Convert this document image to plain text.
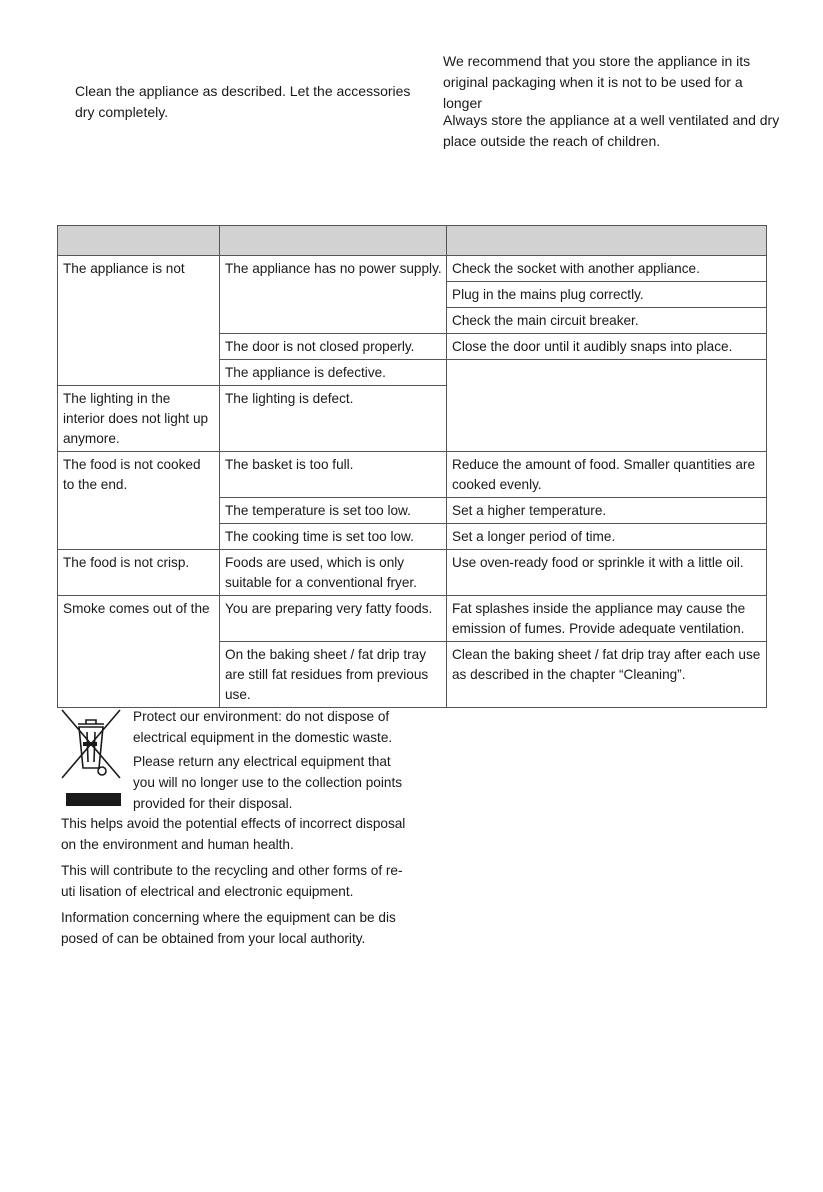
Clean the appliance as described. Let the accessories dry completely.
We recommend that you store the appliance in its original packaging when it is not to be used for a longer
Always store the appliance at a well ventilated and dry place outside the reach of children.

The appliance is not	The appliance has no power supply.	Check the socket with another appliance.
		Plug in the mains plug correctly.
		Check the main circuit breaker.
	The door is not closed properly.	Close the door until it audibly snaps into place.
	The appliance is defective.	
The lighting in the interior does not light up anymore.	The lighting is defect.	
The food is not cooked to the end.	The basket is too full.	Reduce the amount of food. Smaller quantities are cooked evenly.
	The temperature is set too low.	Set a higher temperature.
	The cooking time is set too low.	Set a longer period of time.
The food is not crisp.	Foods are used, which is only suitable for a conventional fryer.	Use oven-ready food or sprinkle it with a little oil.
Smoke comes out of the	You are preparing very fatty foods.	Fat splashes inside the appliance may cause the emission of fumes. Provide adequate ventilation.
	On the baking sheet / fat drip tray are still fat residues from previous use.	Clean the baking sheet / fat drip tray after each use as described in the chapter “Cleaning”.

Protect our environment: do not dispose of electrical equipment in the domestic waste.

Please return any electrical equipment that you will no longer use to the collection points provided for their disposal.

This helps avoid the potential effects of incorrect disposal on the environment and human health.

This will contribute to the recycling and other forms of re-uti lisation of electrical and electronic equipment.

Information concerning where the equipment can be dis posed of can be obtained from your local authority.
